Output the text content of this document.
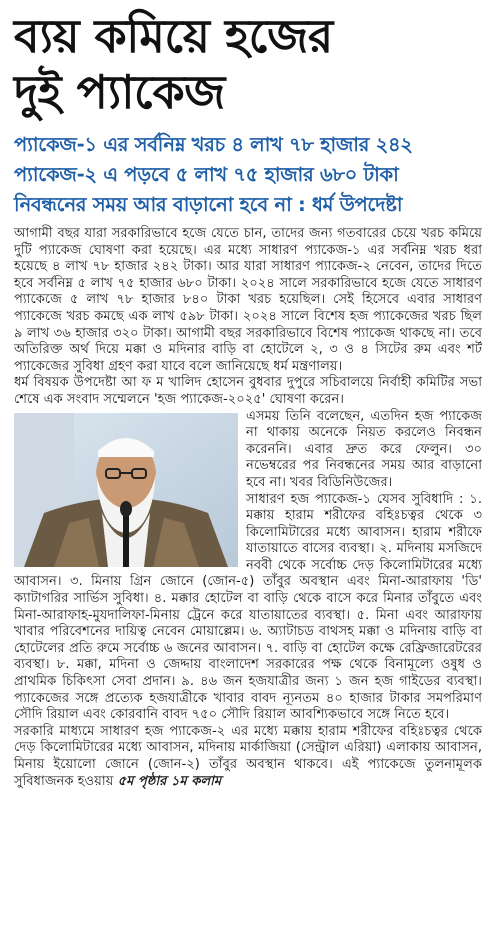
ব্যয় কমিয়ে হজের
দুই প্যাকেজ

প্যাকেজ-১ এর সর্বনিম্ন খরচ ৪ লাখ ৭৮ হাজার ২৪২

প্যাকেজ-২ এ পড়বে ৫ লাখ ৭৫ হাজার ৬৮০ টাকা

নিবন্ধনের সময় আর বাড়ানো হবে না : ধর্ম উপদেষ্টা

আগামী বছর যারা সরকারিভাবে হজে যেতে চান, তাদের জন্য গতবারের চেয়ে খরচ কমিয়ে দুটি প্যাকেজ ঘোষণা করা হয়েছে। এর মধ্যে সাধারণ প্যাকেজ-১ এর সর্বনিম্ন খরচ ধরা হয়েছে ৪ লাখ ৭৮ হাজার ২৪২ টাকা। আর যারা সাধারণ প্যাকেজ-২ নেবেন, তাদের দিতে হবে সর্বনিম্ন ৫ লাখ ৭৫ হাজার ৬৮০ টাকা। ২০২৪ সালে সরকারিভাবে হজে যেতে সাধারণ প্যাকেজে ৫ লাখ ৭৮ হাজার ৮৪০ টাকা খরচ হয়েছিল। সেই হিসেবে এবার সাধারণ প্যাকেজে খরচ কমছে এক লাখ ৫৯৮ টাকা। ২০২৪ সালে বিশেষ হজ প্যাকেজের খরচ ছিল ৯ লাখ ৩৬ হাজার ৩২০ টাকা। আগামী বছর সরকারিভাবে বিশেষ প্যাকেজ থাকছে না। তবে অতিরিক্ত অর্থ দিয়ে মক্কা ও মদিনার বাড়ি বা হোটেলে ২, ৩ ও ৪ সিটের রুম এবং শর্ট প্যাকেজের সুবিধা গ্রহণ করা যাবে বলে জানিয়েছে ধর্ম মন্ত্রণালয়।

ধর্ম বিষয়ক উপদেষ্টা আ ফ ম খালিদ হোসেন বুধবার দুপুরে সচিবালয়ে নির্বাহী কমিটির সভা শেষে এক সংবাদ সম্মেলনে 'হজ প্যাকেজ-২০২৫' ঘোষণা করেন।

এসময় তিনি বলেছেন, এতদিন হজ প্যাকেজ না থাকায় অনেকে নিয়ত করলেও নিবন্ধন করেননি। এবার দ্রুত করে ফেলুন। ৩০ নভেম্বরের পর নিবন্ধনের সময় আর বাড়ানো হবে না। খবর বিডিনিউজের।

সাধারণ হজ প্যাকেজ-১ যেসব সুবিধাদি : ১. মক্কায় হারাম শরীফের বহিঃচত্বর থেকে ৩ কিলোমিটারের মধ্যে আবাসন। হারাম শরীফে যাতায়াতে বাসের ব্যবস্থা। ২. মদিনায় মসজিদে নববী থেকে সর্বোচ্চ দেড় কিলোমিটারের মধ্যে আবাসন। ৩. মিনায় গ্রিন জোনে (জোন-৫) তাঁবুর অবস্থান এবং মিনা-আরাফায় 'ডি' ক্যাটাগরির সার্ভিস সুবিধা। ৪. মক্কার হোটেল বা বাড়ি থেকে বাসে করে মিনার তাঁবুতে এবং মিনা-আরাফাহ-মুযদালিফা-মিনায় ট্রেনে করে যাতায়াতের ব্যবস্থা। ৫. মিনা এবং আরাফায় খাবার পরিবেশনের দায়িত্ব নেবেন মোয়াল্লেম। ৬. অ্যাটাচড বাথসহ মক্কা ও মদিনায় বাড়ি বা হোটেলের প্রতি রুমে সর্বোচ্চ ৬ জনের আবাসন। ৭. বাড়ি বা হোটেল কক্ষে রেফ্রিজারেটরের ব্যবস্থা। ৮. মক্কা, মদিনা ও জেদ্দায় বাংলাদেশ সরকারের পক্ষ থেকে বিনামূল্যে ওষুধ ও প্রাথমিক চিকিৎসা সেবা প্রদান। ৯. ৪৬ জন হজযাত্রীর জন্য ১ জন হজ গাইডের ব্যবস্থা। প্যাকেজের সঙ্গে প্রত্যেক হজযাত্রীকে খাবার বাবদ ন্যূনতম ৪০ হাজার টাকার সমপরিমাণ সৌদি রিয়াল এবং কোরবানি বাবদ ৭৫০ সৌদি রিয়াল আবশ্যিকভাবে সঙ্গে নিতে হবে।

সরকারি মাধ্যমে সাধারণ হজ প্যাকেজ-২ এর মধ্যে মক্কায় হারাম শরীফের বহিঃচত্বর থেকে দেড় কিলোমিটারের মধ্যে আবাসন, মদিনায় মার্কাজিয়া (সেন্ট্রাল এরিয়া) এলাকায় আবাসন, মিনায় ইয়োলো জোনে (জোন-২) তাঁবুর অবস্থান থাকবে। এই প্যাকেজে তুলনামূলক সুবিধাজনক হওয়ায় ৫ম পৃষ্ঠার ১ম কলাম
